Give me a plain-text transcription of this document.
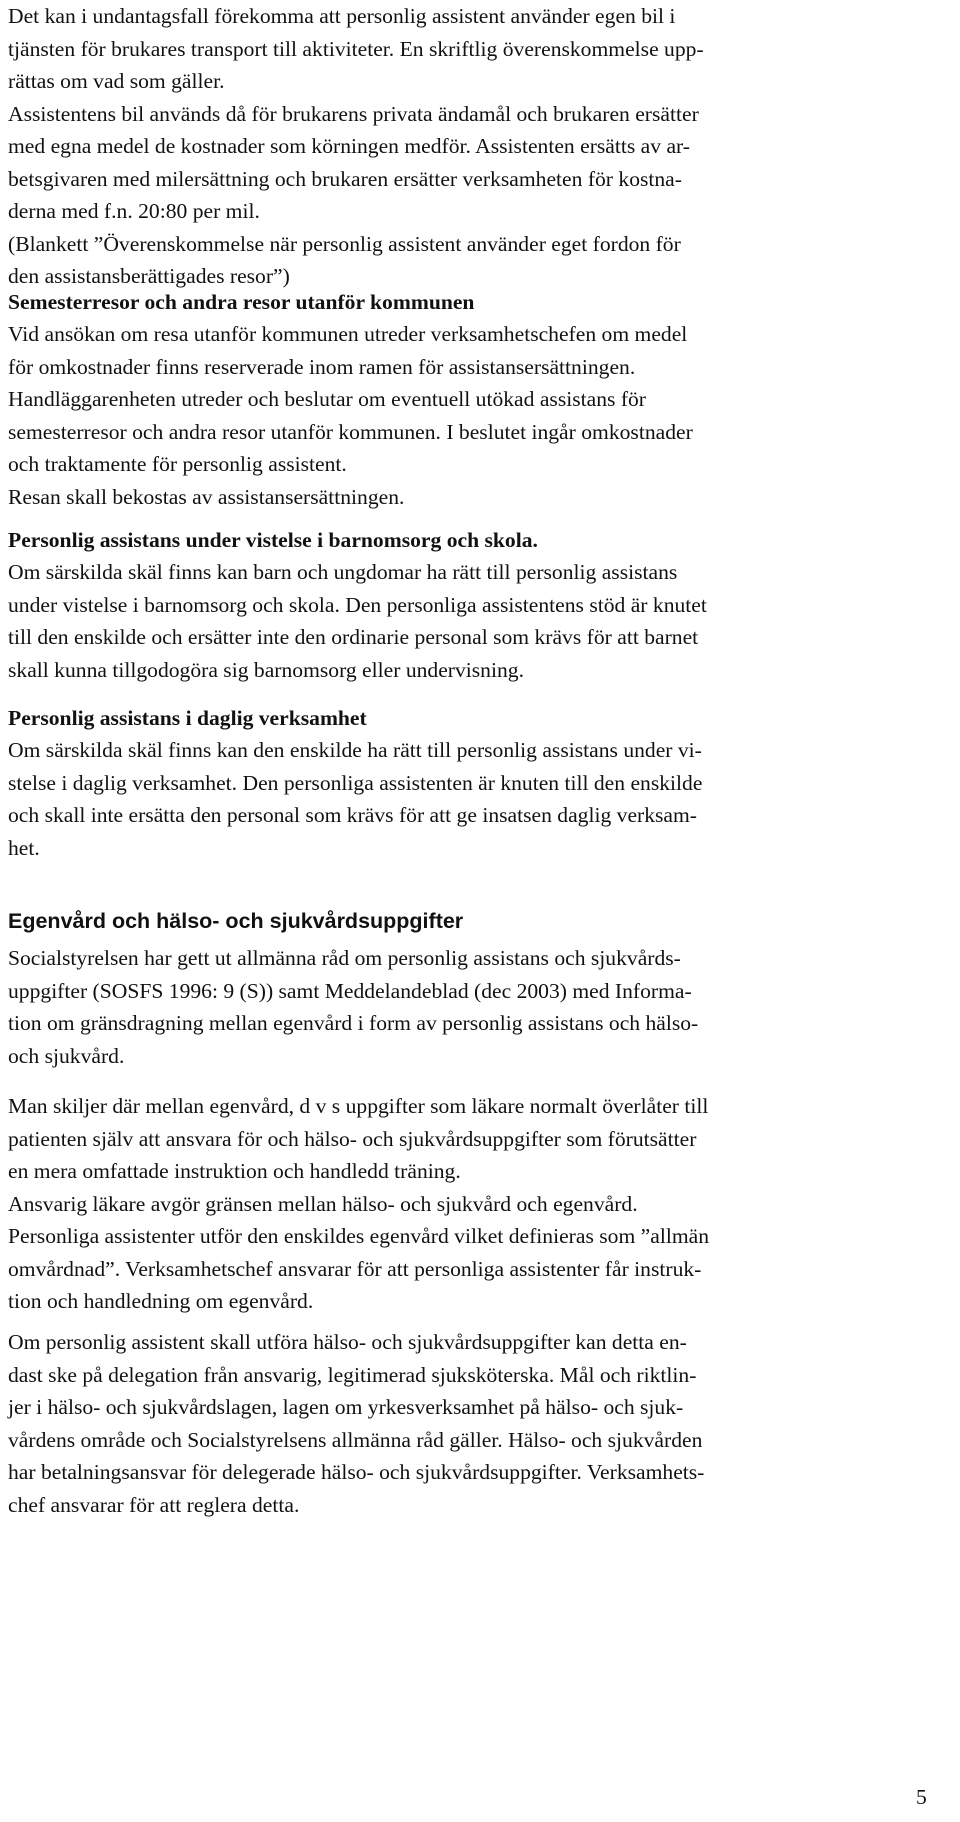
Det kan i undantagsfall förekomma att personlig assistent använder egen bil i
tjänsten för brukares transport till aktiviteter. En skriftlig överenskommelse upp-
rättas om vad som gäller.
Assistentens bil används då för brukarens privata ändamål och brukaren ersätter
med egna medel de kostnader som körningen medför. Assistenten ersätts av ar-
betsgivaren med milersättning och brukaren ersätter verksamheten för kostna-
derna med f.n. 20:80 per mil.
(Blankett ”Överenskommelse när personlig assistent använder eget fordon för
den assistansberättigades resor”)

Semesterresor och andra resor utanför kommunen

Vid ansökan om resa utanför kommunen utreder verksamhetschefen om medel
för omkostnader finns reserverade inom ramen för assistansersättningen.
Handläggarenheten utreder och beslutar om eventuell utökad assistans för
semesterresor och andra resor utanför kommunen. I beslutet ingår omkostnader
och traktamente för personlig assistent.
Resan skall bekostas av assistansersättningen.

Personlig assistans under vistelse i barnomsorg och skola.

Om särskilda skäl finns kan barn och ungdomar ha rätt till personlig assistans
under vistelse i barnomsorg och skola. Den personliga assistentens stöd är knutet
till den enskilde och ersätter inte den ordinarie personal som krävs för att barnet
skall kunna tillgodogöra sig barnomsorg eller undervisning.

Personlig assistans i daglig verksamhet

Om särskilda skäl finns kan den enskilde ha rätt till personlig assistans under vi-
stelse i daglig verksamhet. Den personliga assistenten är knuten till den enskilde
och skall inte ersätta den personal som krävs för att ge insatsen daglig verksam-
het.

Egenvård och hälso- och sjukvårdsuppgifter

Socialstyrelsen har gett ut allmänna råd om personlig assistans och sjukvårds-
uppgifter (SOSFS 1996: 9 (S)) samt Meddelandeblad (dec 2003) med Informa-
tion om gränsdragning mellan egenvård i form av personlig assistans och hälso-
och sjukvård.

Man skiljer där mellan egenvård, d v s uppgifter som läkare normalt överlåter till
patienten själv att ansvara för och hälso- och sjukvårdsuppgifter som förutsätter
en mera omfattade instruktion och handledd träning.
Ansvarig läkare avgör gränsen mellan hälso- och sjukvård och egenvård.
Personliga assistenter utför den enskildes egenvård vilket definieras som ”allmän
omvårdnad”. Verksamhetschef ansvarar för att personliga assistenter får instruk-
tion och handledning om egenvård.

Om personlig assistent skall utföra hälso- och sjukvårdsuppgifter kan detta en-
dast ske på delegation från ansvarig, legitimerad sjuksköterska. Mål och riktlin-
jer i hälso- och sjukvårdslagen, lagen om yrkesverksamhet på hälso- och sjuk-
vårdens område och Socialstyrelsens allmänna råd gäller. Hälso- och sjukvården
har betalningsansvar för delegerade hälso- och sjukvårdsuppgifter. Verksamhets-
chef ansvarar för att reglera detta.

5
